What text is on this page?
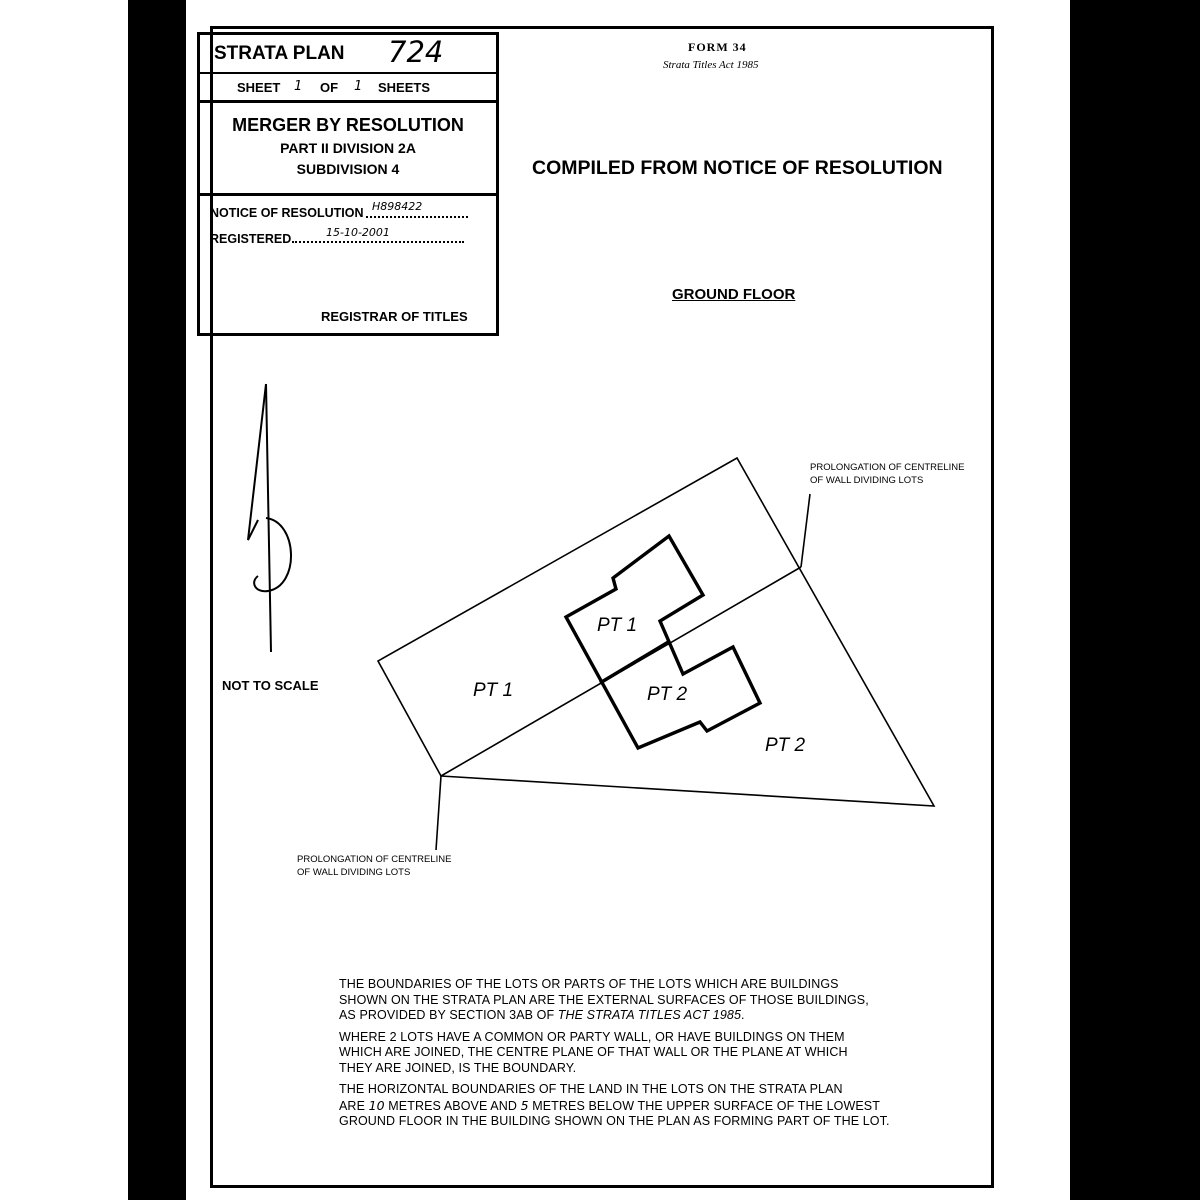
STRATA PLAN 724
SHEET 1 OF 1 SHEETS
MERGER BY RESOLUTION
PART II DIVISION 2A
SUBDIVISION 4
NOTICE OF RESOLUTION H898422
REGISTERED	15-10-2001
REGISTRAR OF TITLES
FORM 34
Strata Titles Act 1985
COMPILED FROM NOTICE OF RESOLUTION
GROUND FLOOR
PT 1
PT 1
PT 2
PT 2
NOT TO SCALE
PROLONGATION OF CENTRELINE
OF WALL DIVIDING LOTS
PROLONGATION OF CENTRELINE
OF WALL DIVIDING LOTS

THE BOUNDARIES OF THE LOTS OR PARTS OF THE LOTS WHICH ARE BUILDINGS
SHOWN ON THE STRATA PLAN ARE THE EXTERNAL SURFACES OF THOSE BUILDINGS,
AS PROVIDED BY SECTION 3AB OF THE STRATA TITLES ACT 1985.

WHERE 2 LOTS HAVE A COMMON OR PARTY WALL, OR HAVE BUILDINGS ON THEM
WHICH ARE JOINED, THE CENTRE PLANE OF THAT WALL OR THE PLANE AT WHICH
THEY ARE JOINED, IS THE BOUNDARY.

THE HORIZONTAL BOUNDARIES OF THE LAND IN THE LOTS ON THE STRATA PLAN
ARE 10 METRES ABOVE AND 5 METRES BELOW THE UPPER SURFACE OF THE LOWEST
GROUND FLOOR IN THE BUILDING SHOWN ON THE PLAN AS FORMING PART OF THE LOT.
